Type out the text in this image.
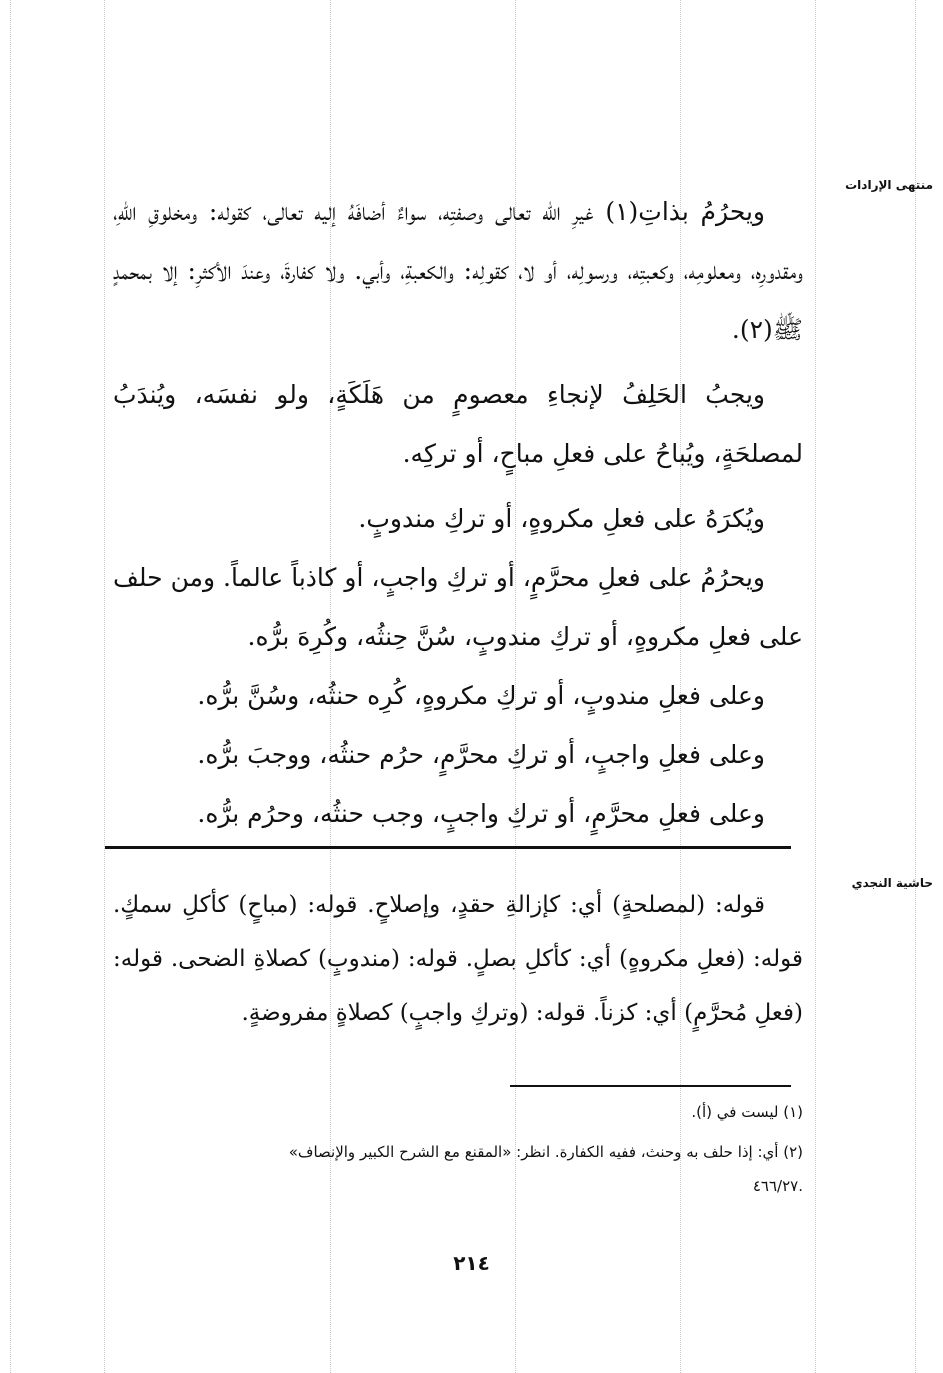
منتهى الإرادات
حاشية النجدي

ويحرُمُ بذاتِ(١) غيرِ الله تعالى وصفتِه، سواءٌ أضافَهُ إليه تعالى، كقوله: ومخلوقِ اللهِ، ومقدورِه، ومعلومِه، وكعبتِه، ورسولِه، أو لا، كقولِه: والكعبةِ، وأبي. ولا كفارةَ، وعندَ الأكثرِ: إلا بمحمدٍ ﷺ(٢).

ويجبُ الحَلِفُ لإنجاءِ معصومٍ من هَلَكَةٍ، ولو نفسَه، ويُندَبُ لمصلحَةٍ، ويُباحُ على فعلِ مباحٍ، أو تركِه.

ويُكرَهُ على فعلِ مكروهٍ، أو تركِ مندوبٍ.

ويحرُمُ على فعلِ محرَّمٍ، أو تركِ واجبٍ، أو كاذباً عالماً. ومن حلف على فعلِ مكروهٍ، أو تركِ مندوبٍ، سُنَّ حِنثُه، وكُرِهَ برُّه.

وعلى فعلِ مندوبٍ، أو تركِ مكروهٍ، كُرِه حنثُه، وسُنَّ برُّه.

وعلى فعلِ واجبٍ، أو تركِ محرَّمٍ، حرُم حنثُه، ووجبَ برُّه.

وعلى فعلِ محرَّمٍ، أو تركِ واجبٍ، وجب حنثُه، وحرُم برُّه.

قوله: (لمصلحةٍ) أي: كإزالةِ حقدٍ، وإصلاحٍ. قوله: (مباحٍ) كأكلِ سمكٍ. قوله: (فعلِ مكروهٍ) أي: كأكلِ بصلٍ. قوله: (مندوبٍ) كصلاةِ الضحى. قوله: (فعلِ مُحرَّمٍ) أي: كزناً. قوله: (وتركِ واجبٍ) كصلاةٍ مفروضةٍ.

(١) ليست في (أ).

(٢) أي: إذا حلف به وحنث، ففيه الكفارة. انظر: «المقنع مع الشرح الكبير والإنصاف»

.٤٦٦/٢٧

٢١٤
